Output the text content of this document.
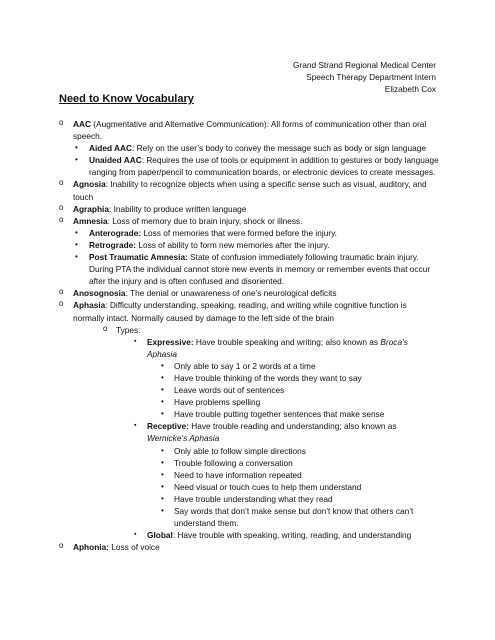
Grand Strand Regional Medical Center
Speech Therapy Department Intern
Elizabeth Cox
Need to Know Vocabulary
o AAC (Augmentative and Alternative Communication): All forms of communication other than oral speech.
• Aided AAC: Rely on the user’s body to convey the message such as body or sign language
• Unaided AAC: Requires the use of tools or equipment in addition to gestures or body language ranging from paper/pencil to communication boards, or electronic devices to create messages.
o Agnosia: Inability to recognize objects when using a specific sense such as visual, auditory, and touch
o Agraphia: Inability to produce written language
o Amnesia: Loss of memory due to brain injury, shock or illness.
• Anterograde: Loss of memories that were formed before the injury.
• Retrograde: Loss of ability to form new memories after the injury.
• Post Traumatic Amnesia: State of confusion immediately following traumatic brain injury. During PTA the individual cannot store new events in memory or remember events that occur after the injury and is often confused and disoriented.
o Anosognosia: The denial or unawareness of one’s neurological deficits
o Aphasia: Difficulty understanding, speaking, reading, and writing while cognitive function is normally intact. Normally caused by damage to the left side of the brain
o Types:
▪ Expressive: Have trouble speaking and writing; also known as Broca’s Aphasia
• Only able to say 1 or 2 words at a time
• Have trouble thinking of the words they want to say
• Leave words out of sentences
• Have problems spelling
• Have trouble putting together sentences that make sense
▪ Receptive: Have trouble reading and understanding; also known as Wernicke’s Aphasia
• Only able to follow simple directions
• Trouble following a conversation
• Need to have information repeated
• Need visual or touch cues to help them understand
• Have trouble understanding what they read
• Say words that don’t make sense but don’t know that others can’t understand them.
▪ Global: Have trouble with speaking, writing, reading, and understanding
o Aphonia: Loss of voice
